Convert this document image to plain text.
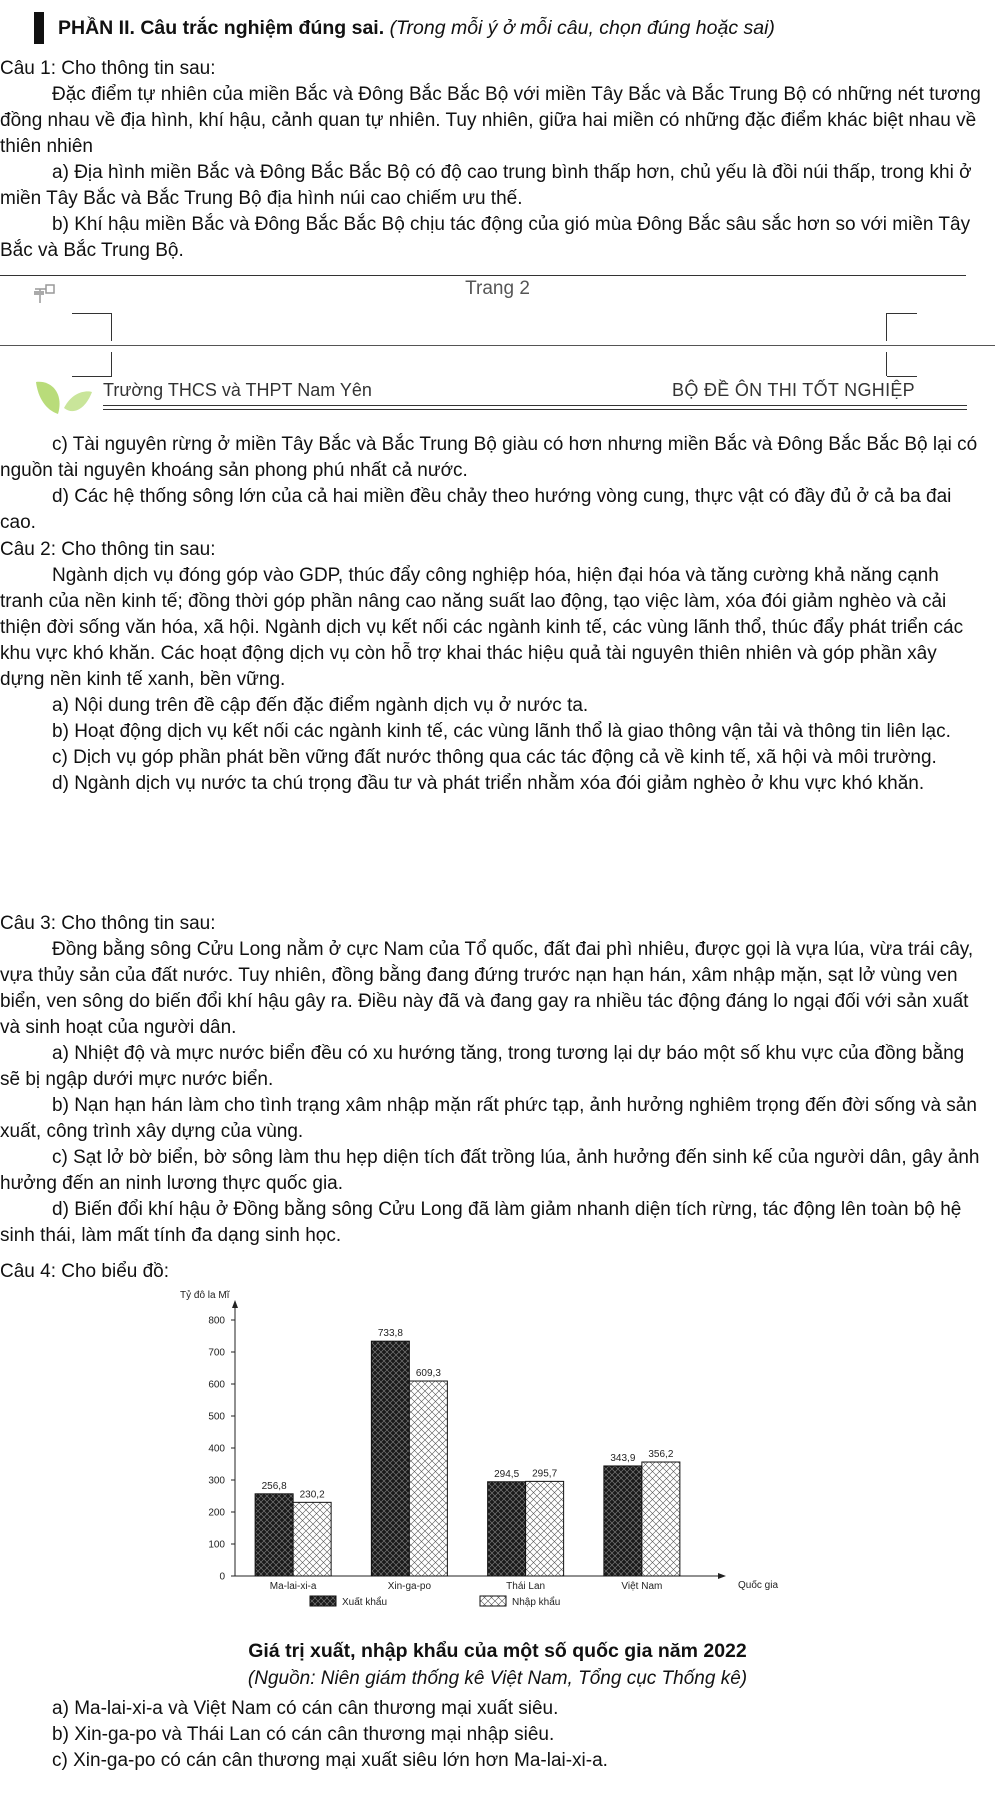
PHẦN II. Câu trắc nghiệm đúng sai. (Trong mỗi ý ở mỗi câu, chọn đúng hoặc sai)

Câu 1: Cho thông tin sau:

Đặc điểm tự nhiên của miền Bắc và Đông Bắc Bắc Bộ với miền Tây Bắc và Bắc Trung Bộ có những nét tương đồng nhau về địa hình, khí hậu, cảnh quan tự nhiên. Tuy nhiên, giữa hai miền có những đặc điểm khác biệt nhau về thiên nhiên

a) Địa hình miền Bắc và Đông Bắc Bắc Bộ có độ cao trung bình thấp hơn, chủ yếu là đồi núi thấp, trong khi ở miền Tây Bắc và Bắc Trung Bộ địa hình núi cao chiếm ưu thế.

b) Khí hậu miền Bắc và Đông Bắc Bắc Bộ chịu tác động của gió mùa Đông Bắc sâu sắc hơn so với miền Tây Bắc và Bắc Trung Bộ.

Trang 2
Trường THCS và THPT Nam Yên	BỘ ĐỀ ÔN THI TỐT NGHIỆP

c) Tài nguyên rừng ở miền Tây Bắc và Bắc Trung Bộ giàu có hơn nhưng miền Bắc và Đông Bắc Bắc Bộ lại có nguồn tài nguyên khoáng sản phong phú nhất cả nước.

d) Các hệ thống sông lớn của cả hai miền đều chảy theo hướng vòng cung, thực vật có đầy đủ ở cả ba đai cao.

Câu 2: Cho thông tin sau:

Ngành dịch vụ đóng góp vào GDP, thúc đẩy công nghiệp hóa, hiện đại hóa và tăng cường khả năng cạnh tranh của nền kinh tế; đồng thời góp phần nâng cao năng suất lao động, tạo việc làm, xóa đói giảm nghèo và cải thiện đời sống văn hóa, xã hội. Ngành dịch vụ kết nối các ngành kinh tế, các vùng lãnh thổ, thúc đẩy phát triển các khu vực khó khăn. Các hoạt động dịch vụ còn hỗ trợ khai thác hiệu quả tài nguyên thiên nhiên và góp phần xây dựng nền kinh tế xanh, bền vững.

a) Nội dung trên đề cập đến đặc điểm ngành dịch vụ ở nước ta.

b) Hoạt động dịch vụ kết nối các ngành kinh tế, các vùng lãnh thổ là giao thông vận tải và thông tin liên lạc.

c) Dịch vụ góp phần phát bền vững đất nước thông qua các tác động cả về kinh tế, xã hội và môi trường.

d) Ngành dịch vụ nước ta chú trọng đầu tư và phát triển nhằm xóa đói giảm nghèo ở khu vực khó khăn.

Câu 3: Cho thông tin sau:

Đồng bằng sông Cửu Long nằm ở cực Nam của Tổ quốc, đất đai phì nhiêu, được gọi là vựa lúa, vừa trái cây, vựa thủy sản của đất nước. Tuy nhiên, đồng bằng đang đứng trước nạn hạn hán, xâm nhập mặn, sạt lở vùng ven biển, ven sông do biến đổi khí hậu gây ra. Điều này đã và đang gay ra nhiều tác động đáng lo ngại đối với sản xuất và sinh hoạt của người dân.

a) Nhiệt độ và mực nước biển đều có xu hướng tăng, trong tương lại dự báo một số khu vực của đồng bằng sẽ bị ngập dưới mực nước biển.

b) Nạn hạn hán làm cho tình trạng xâm nhập mặn rất phức tạp, ảnh hưởng nghiêm trọng đến đời sống và sản xuất, công trình xây dựng của vùng.

c) Sạt lở bờ biển, bờ sông làm thu hẹp diện tích đất trồng lúa, ảnh hưởng đến sinh kế của người dân, gây ảnh hưởng đến an ninh lương thực quốc gia.

d) Biến đổi khí hậu ở Đồng bằng sông Cửu Long đã làm giảm nhanh diện tích rừng, tác động lên toàn bộ hệ sinh thái, làm mất tính đa dạng sinh học.

Câu 4: Cho biểu đồ:

Tỷ đô la Mĩ
0
100
200
300
400
500
600
700
800
Quốc gia
256,8
230,2
Ma-lai-xi-a
733,8
609,3
Xin-ga-po
294,5 295,7
Thái Lan
343,9 356,2
Việt Nam
Xuất khẩu	Nhập khẩu
Giá trị xuất, nhập khẩu của một số quốc gia năm 2022
(Nguồn: Niên giám thống kê Việt Nam, Tổng cục Thống kê)

a) Ma-lai-xi-a và Việt Nam có cán cân thương mại xuất siêu.

b) Xin-ga-po và Thái Lan có cán cân thương mại nhập siêu.

c) Xin-ga-po có cán cân thương mại xuất siêu lớn hơn Ma-lai-xi-a.
